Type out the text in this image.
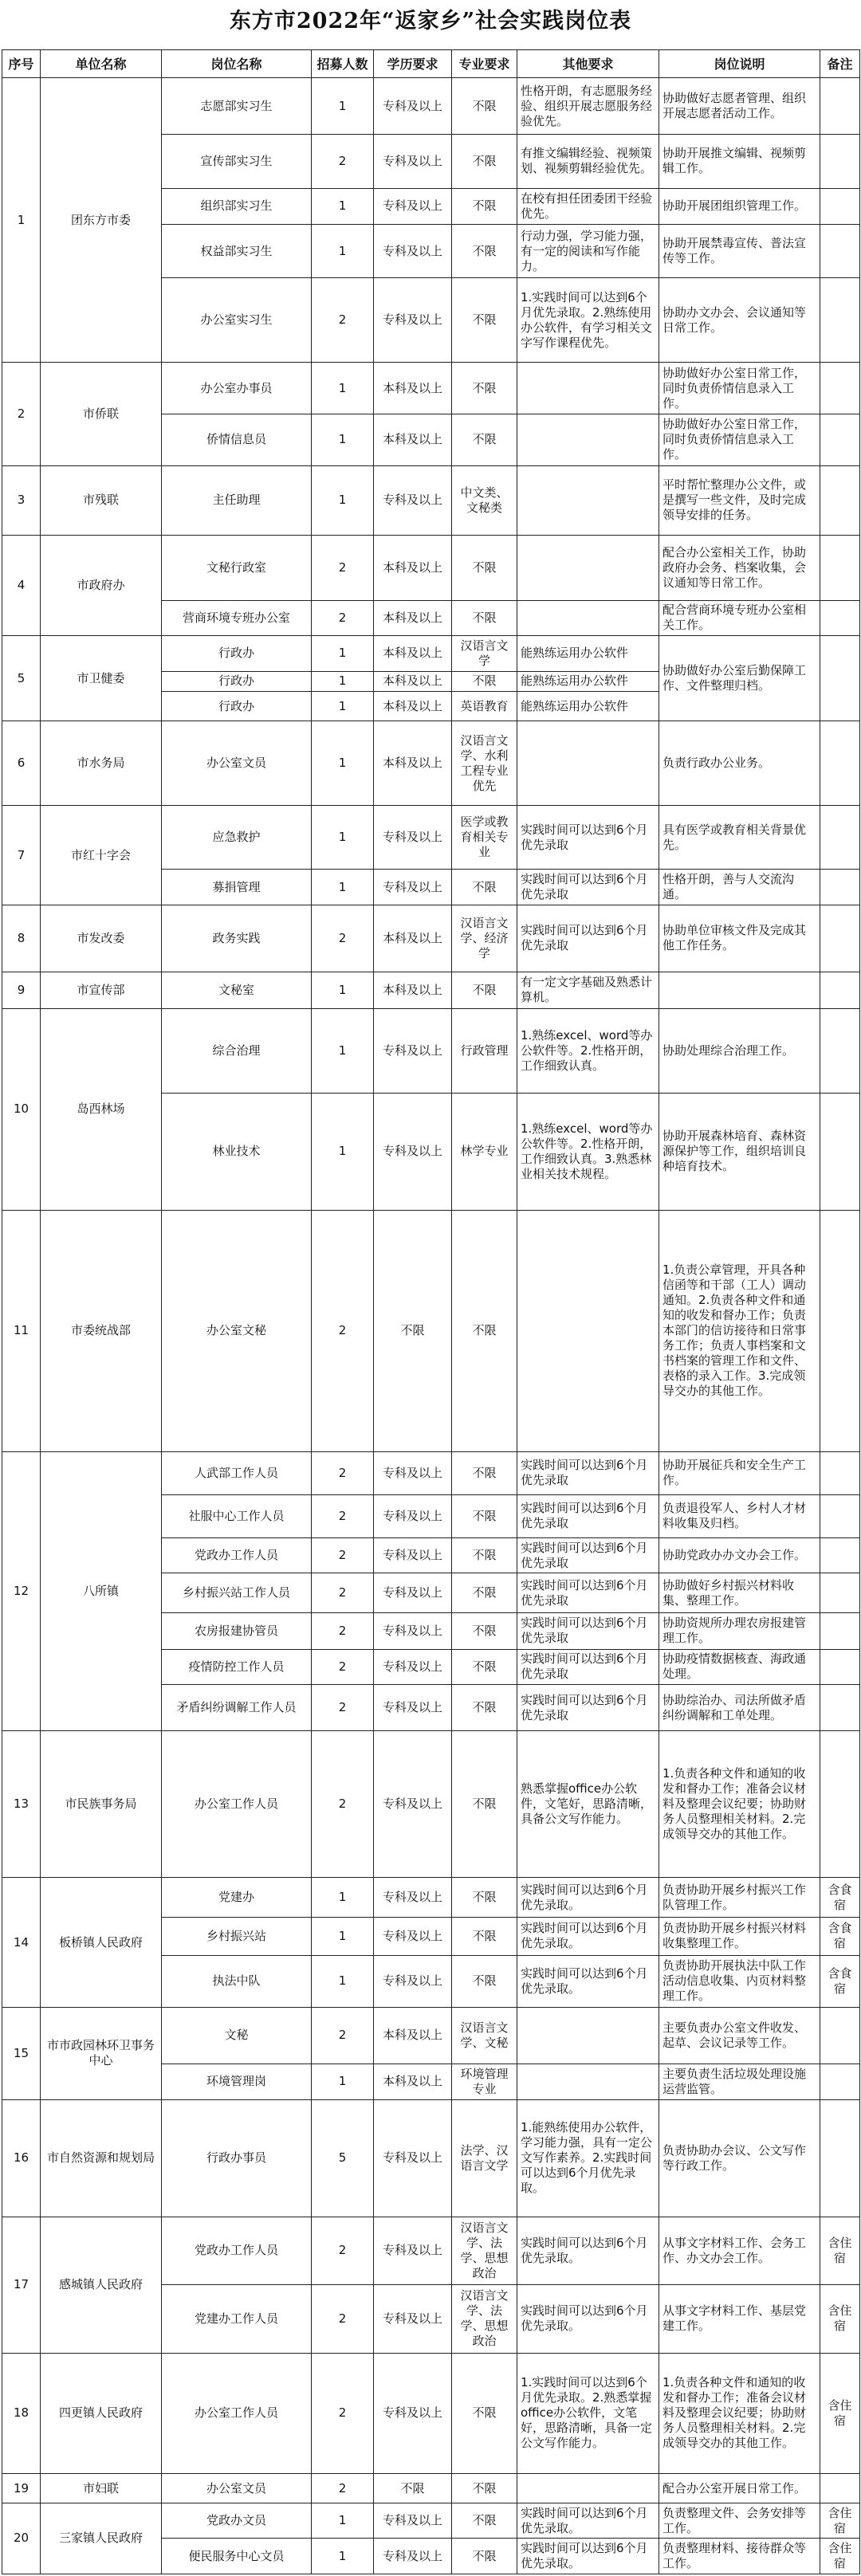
东方市2022年“返家乡”社会实践岗位表
序号	单位名称	岗位名称	招募人数	学历要求	专业要求	其他要求	岗位说明	备注
1	团东方市委	志愿部实习生	1	专科及以上	不限	性格开朗，有志愿服务经验、组织开展志愿服务经验优先。	协助做好志愿者管理、组织开展志愿者活动工作。	
		宣传部实习生	2	专科及以上	不限	有推文编辑经验、视频策划、视频剪辑经验优先。	协助开展推文编辑、视频剪辑工作。	
		组织部实习生	1	专科及以上	不限	在校有担任团委团干经验优先。	协助开展团组织管理工作。	
		权益部实习生	1	专科及以上	不限	行动力强，学习能力强，有一定的阅读和写作能力。	协助开展禁毒宣传、普法宣传等工作。	
		办公室实习生	2	专科及以上	不限	1.实践时间可以达到6个月优先录取。2.熟练使用办公软件，有学习相关文字写作课程优先。	协助办文办会、会议通知等日常工作。	
2	市侨联	办公室办事员	1	本科及以上	不限		协助做好办公室日常工作，同时负责侨情信息录入工作。	
		侨情信息员	1	本科及以上	不限		协助做好办公室日常工作，同时负责侨情信息录入工作。	
3	市残联	主任助理	1	专科及以上	中文类、文秘类		平时帮忙整理办公文件，或是撰写一些文件，及时完成领导安排的任务。	
4	市政府办	文秘行政室	2	本科及以上	不限		配合办公室相关工作，协助政府办会务、档案收集，会议通知等日常工作。	
		营商环境专班办公室	2	本科及以上	不限		配合营商环境专班办公室相关工作。	
5	市卫健委	行政办	1	本科及以上	汉语言文学	能熟练运用办公软件	协助做好办公室后勤保障工作、文件整理归档。	
		行政办	1	本科及以上	不限	能熟练运用办公软件		
		行政办	1	本科及以上	英语教育	能熟练运用办公软件		
6	市水务局	办公室文员	1	本科及以上	汉语言文学、水利工程专业优先		负责行政办公业务。	
7	市红十字会	应急救护	1	专科及以上	医学或教育相关专业	实践时间可以达到6个月优先录取	具有医学或教育相关背景优先。	
		募捐管理	1	专科及以上	不限	实践时间可以达到6个月优先录取	性格开朗，善与人交流沟通。	
8	市发改委	政务实践	2	本科及以上	汉语言文学、经济学	实践时间可以达到6个月优先录取	协助单位审核文件及完成其他工作任务。	
9	市宣传部	文秘室	1	本科及以上	不限	有一定文字基础及熟悉计算机。		
10	岛西林场	综合治理	1	专科及以上	行政管理	1.熟练excel、word等办公软件等。2.性格开朗，工作细致认真。	协助处理综合治理工作。	
		林业技术	1	专科及以上	林学专业	1.熟练excel、word等办公软件等。2.性格开朗，工作细致认真。3.熟悉林业相关技术规程。	协助开展森林培育、森林资源保护等工作，组织培训良种培育技术。	
11	市委统战部	办公室文秘	2	不限	不限		1.负责公章管理，开具各种信函等和干部（工人）调动通知。2.负责各种文件和通知的收发和督办工作；负责本部门的信访接待和日常事务工作；负责人事档案和文书档案的管理工作和文件、表格的录入工作。3.完成领导交办的其他工作。	
12	八所镇	人武部工作人员	2	专科及以上	不限	实践时间可以达到6个月优先录取	协助开展征兵和安全生产工作。	
		社服中心工作人员	2	专科及以上	不限	实践时间可以达到6个月优先录取	负责退役军人、乡村人才材料收集及归档。	
		党政办工作人员	2	专科及以上	不限	实践时间可以达到6个月优先录取	协助党政办办文办会工作。	
		乡村振兴站工作人员	2	专科及以上	不限	实践时间可以达到6个月优先录取	协助做好乡村振兴材料收集、整理工作。	
		农房报建协管员	2	专科及以上	不限	实践时间可以达到6个月优先录取	协助资规所办理农房报建管理工作。	
		疫情防控工作人员	2	专科及以上	不限	实践时间可以达到6个月优先录取	协助疫情数据核查、海政通处理。	
		矛盾纠纷调解工作人员	2	专科及以上	不限	实践时间可以达到6个月优先录取	协助综治办、司法所做矛盾纠纷调解和工单处理。	
13	市民族事务局	办公室工作人员	2	专科及以上	不限	熟悉掌握office办公软件，文笔好，思路清晰，具备公文写作能力。	1.负责各种文件和通知的收发和督办工作；准备会议材料及整理会议纪要；协助财务人员整理相关材料。2.完成领导交办的其他工作。	
14	板桥镇人民政府	党建办	1	专科及以上	不限	实践时间可以达到6个月优先录取。	负责协助开展乡村振兴工作队管理工作。	含食宿
		乡村振兴站	1	专科及以上	不限	实践时间可以达到6个月优先录取。	负责协助开展乡村振兴材料收集整理工作。	含食宿
		执法中队	1	专科及以上	不限	实践时间可以达到6个月优先录取。	负责协助开展执法中队工作活动信息收集、内页材料整理工作。	含食宿
15	市市政园林环卫事务中心	文秘	2	本科及以上	汉语言文学、文秘		主要负责办公室文件收发、起草、会议记录等工作。	
		环境管理岗	1	本科及以上	环境管理专业		主要负责生活垃圾处理设施运营监管。	
16	市自然资源和规划局	行政办事员	5	专科及以上	法学、汉语言文学	1.能熟练使用办公软件，学习能力强，具有一定公文写作素养。2.实践时间可以达到6个月优先录取。	负责协助办会议、公文写作等行政工作。	
17	感城镇人民政府	党政办工作人员	2	专科及以上	汉语言文学、法学、思想政治	实践时间可以达到6个月优先录取。	从事文字材料工作、会务工作、办文办会工作。	含住宿
		党建办工作人员	2	专科及以上	汉语言文学、法学、思想政治	实践时间可以达到6个月优先录取。	从事文字材料工作、基层党建工作。	含住宿
18	四更镇人民政府	办公室工作人员	2	专科及以上	不限	1.实践时间可以达到6个月优先录取。2.熟悉掌握office办公软件，文笔好，思路清晰，具备一定公文写作能力。	1.负责各种文件和通知的收发和督办工作；准备会议材料及整理会议纪要；协助财务人员整理相关材料。2.完成领导交办的其他工作。	含住宿
19	市妇联	办公室文员	2	不限	不限		配合办公室开展日常工作。	
20	三家镇人民政府	党政办文员	1	专科及以上	不限	实践时间可以达到6个月优先录取。	负责整理文件、会务安排等工作。	含住宿
		便民服务中心文员	1	专科及以上	不限	实践时间可以达到6个月优先录取。	负责整理材料、接待群众等工作。	含住宿
